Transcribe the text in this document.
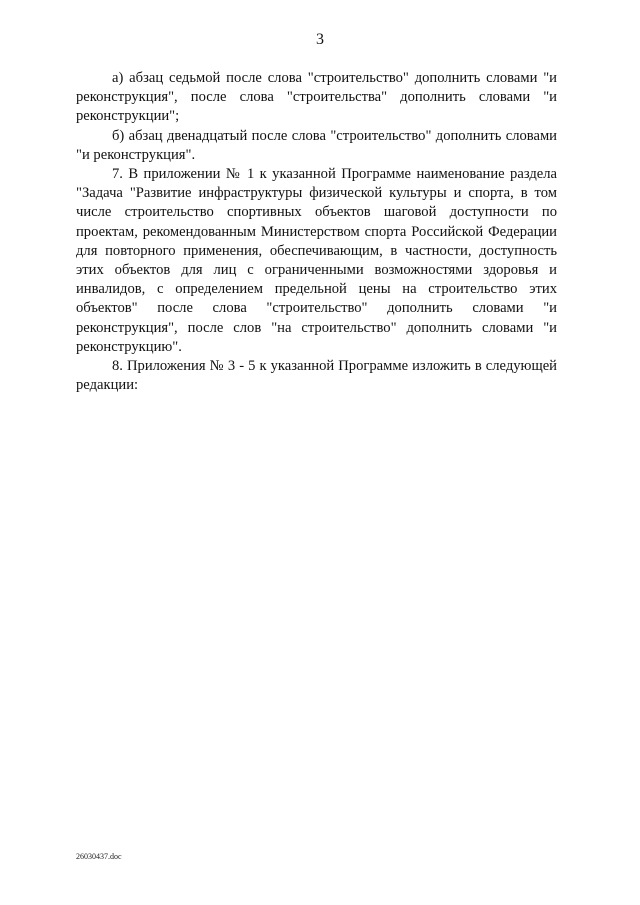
3

а) абзац седьмой после слова "строительство" дополнить словами "и реконструкция", после слова "строительства" дополнить словами "и реконструкции";

б) абзац двенадцатый после слова "строительство" дополнить словами "и реконструкция".

7. В приложении № 1 к указанной Программе наименование раздела "Задача "Развитие инфраструктуры физической культуры и спорта, в том числе строительство спортивных объектов шаговой доступности по проектам, рекомендованным Министерством спорта Российской Федерации для повторного применения, обеспечивающим, в частности, доступность этих объектов для лиц с ограниченными возможностями здоровья и инвалидов, с определением предельной цены на строительство этих объектов" после слова "строительство" дополнить словами "и реконструкция", после слов "на строительство" дополнить словами "и реконструкцию".

8. Приложения № 3 - 5 к указанной Программе изложить в следующей редакции:

26030437.doc
